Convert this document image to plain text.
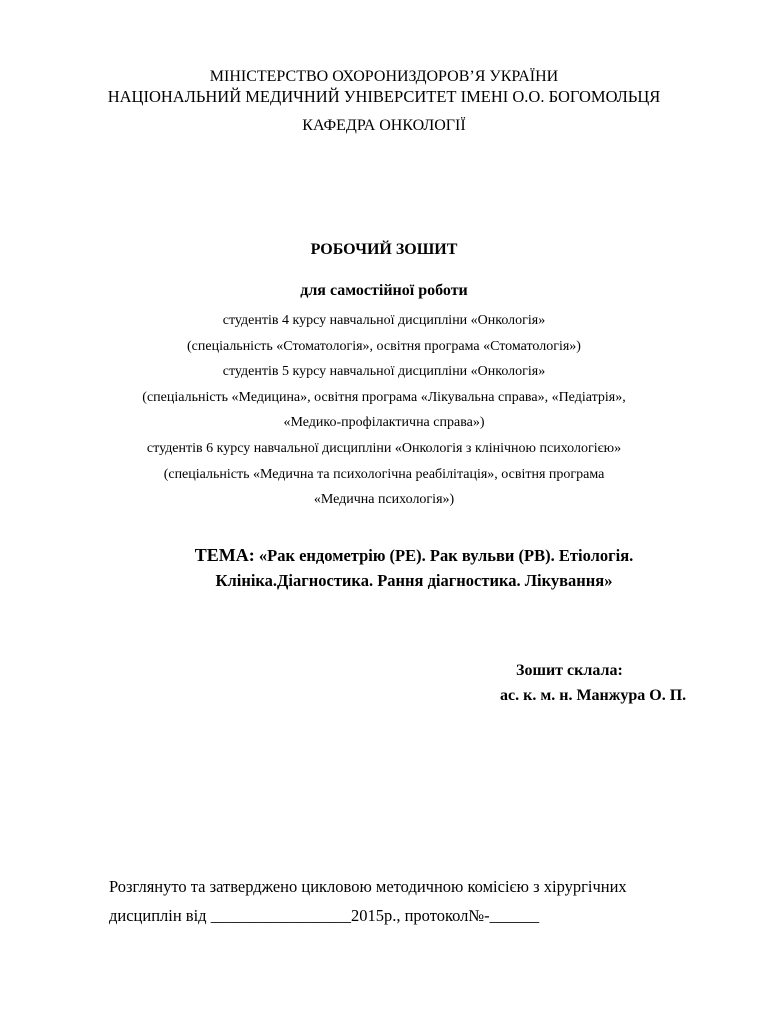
МІНІСТЕРСТВО ОХОРОНИЗДОРОВ’Я УКРАЇНИ
НАЦІОНАЛЬНИЙ МЕДИЧНИЙ УНІВЕРСИТЕТ ІМЕНІ О.О. БОГОМОЛЬЦЯ
КАФЕДРА ОНКОЛОГІЇ
РОБОЧИЙ ЗОШИТ
для самостійної роботи
студентів 4 курсу навчальної дисципліни «Онкологія»
(спеціальність «Стоматологія», освітня програма «Стоматологія»)
студентів 5 курсу навчальної дисципліни «Онкологія»
(спеціальність «Медицина», освітня програма «Лікувальна справа», «Педіатрія»,
«Медико-профілактична справа»)
студентів 6 курсу навчальної дисципліни «Онкологія з клінічною психологією»
(спеціальність «Медична та психологічна реабілітація», освітня програма
«Медична психологія»)
ТЕМА: «Рак ендометрію (РЕ). Рак вульви (РВ). Етіологія.
Клініка.Діагностика. Рання діагностика. Лікування»
Зошит склала:
ас. к. м. н. Манжура О. П.
Розглянуто та затверджено цикловою методичною комісією з хірургічних
дисциплін від _________________2015р., протокол№-______
